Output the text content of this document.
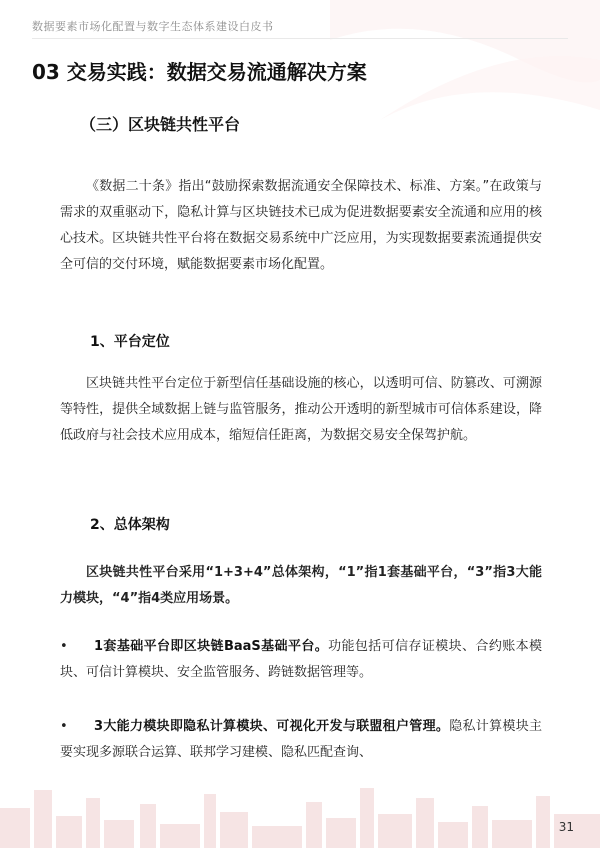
数据要素市场化配置与数字生态体系建设白皮书
03 交易实践：数据交易流通解决方案
（三）区块链共性平台

《数据二十条》指出“鼓励探索数据流通安全保障技术、标准、方案。”在政策与需求的双重驱动下，隐私计算与区块链技术已成为促进数据要素安全流通和应用的核心技术。区块链共性平台将在数据交易系统中广泛应用，为实现数据要素流通提供安全可信的交付环境，赋能数据要素市场化配置。

1、平台定位

区块链共性平台定位于新型信任基础设施的核心，以透明可信、防篡改、可溯源等特性，提供全域数据上链与监管服务，推动公开透明的新型城市可信体系建设，降低政府与社会技术应用成本，缩短信任距离，为数据交易安全保驾护航。

2、总体架构

区块链共性平台采用“1+3+4”总体架构，“1”指1套基础平台，“3”指3大能力模块，“4”指4类应用场景。

• 1套基础平台即区块链BaaS基础平台。功能包括可信存证模块、合约账本模块、可信计算模块、安全监管服务、跨链数据管理等。

• 3大能力模块即隐私计算模块、可视化开发与联盟租户管理。隐私计算模块主要实现多源联合运算、联邦学习建模、隐私匹配查询、

31
